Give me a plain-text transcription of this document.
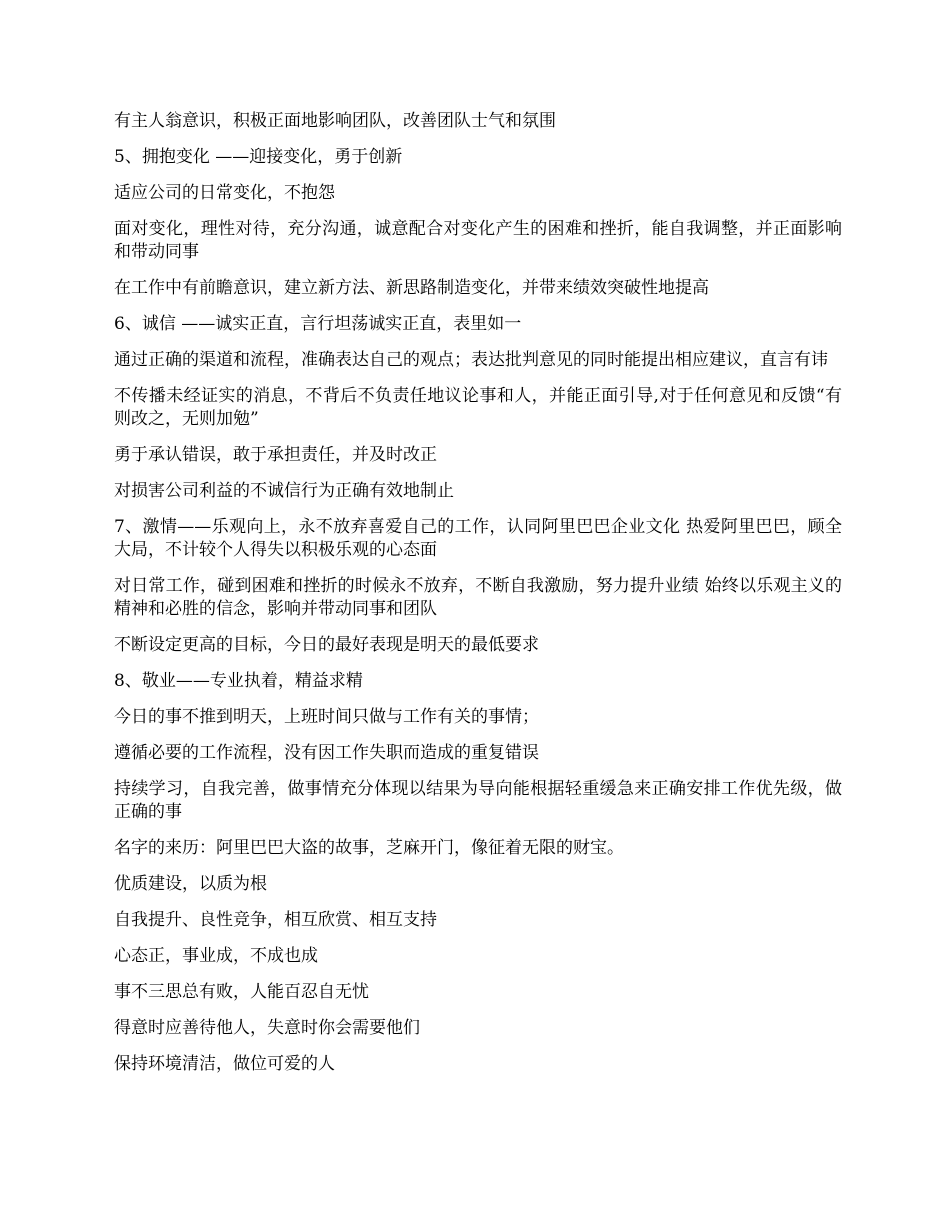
有主人翁意识，积极正面地影响团队，改善团队士气和氛围

5、拥抱变化 ——迎接变化，勇于创新

适应公司的日常变化，不抱怨

面对变化，理性对待，充分沟通，诚意配合对变化产生的困难和挫折，能自我调整，并正面影响和带动同事

在工作中有前瞻意识，建立新方法、新思路制造变化，并带来绩效突破性地提高

6、诚信 ——诚实正直，言行坦荡诚实正直，表里如一

通过正确的渠道和流程，准确表达自己的观点；表达批判意见的同时能提出相应建议，直言有讳

不传播未经证实的消息，不背后不负责任地议论事和人，并能正面引导,对于任何意见和反馈“有则改之，无则加勉”

勇于承认错误，敢于承担责任，并及时改正

对损害公司利益的不诚信行为正确有效地制止

7、激情——乐观向上，永不放弃喜爱自己的工作，认同阿里巴巴企业文化 热爱阿里巴巴，顾全大局，不计较个人得失以积极乐观的心态面

对日常工作，碰到困难和挫折的时候永不放弃，不断自我激励，努力提升业绩 始终以乐观主义的精神和必胜的信念，影响并带动同事和团队

不断设定更高的目标，今日的最好表现是明天的最低要求

8、敬业——专业执着，精益求精

今日的事不推到明天，上班时间只做与工作有关的事情；

遵循必要的工作流程，没有因工作失职而造成的重复错误

持续学习，自我完善，做事情充分体现以结果为导向能根据轻重缓急来正确安排工作优先级，做正确的事

名字的来历：阿里巴巴大盗的故事，芝麻开门，像征着无限的财宝。

优质建设，以质为根

自我提升、良性竞争，相互欣赏、相互支持

心态正，事业成，不成也成

事不三思总有败，人能百忍自无忧

得意时应善待他人，失意时你会需要他们

保持环境清洁，做位可爱的人
